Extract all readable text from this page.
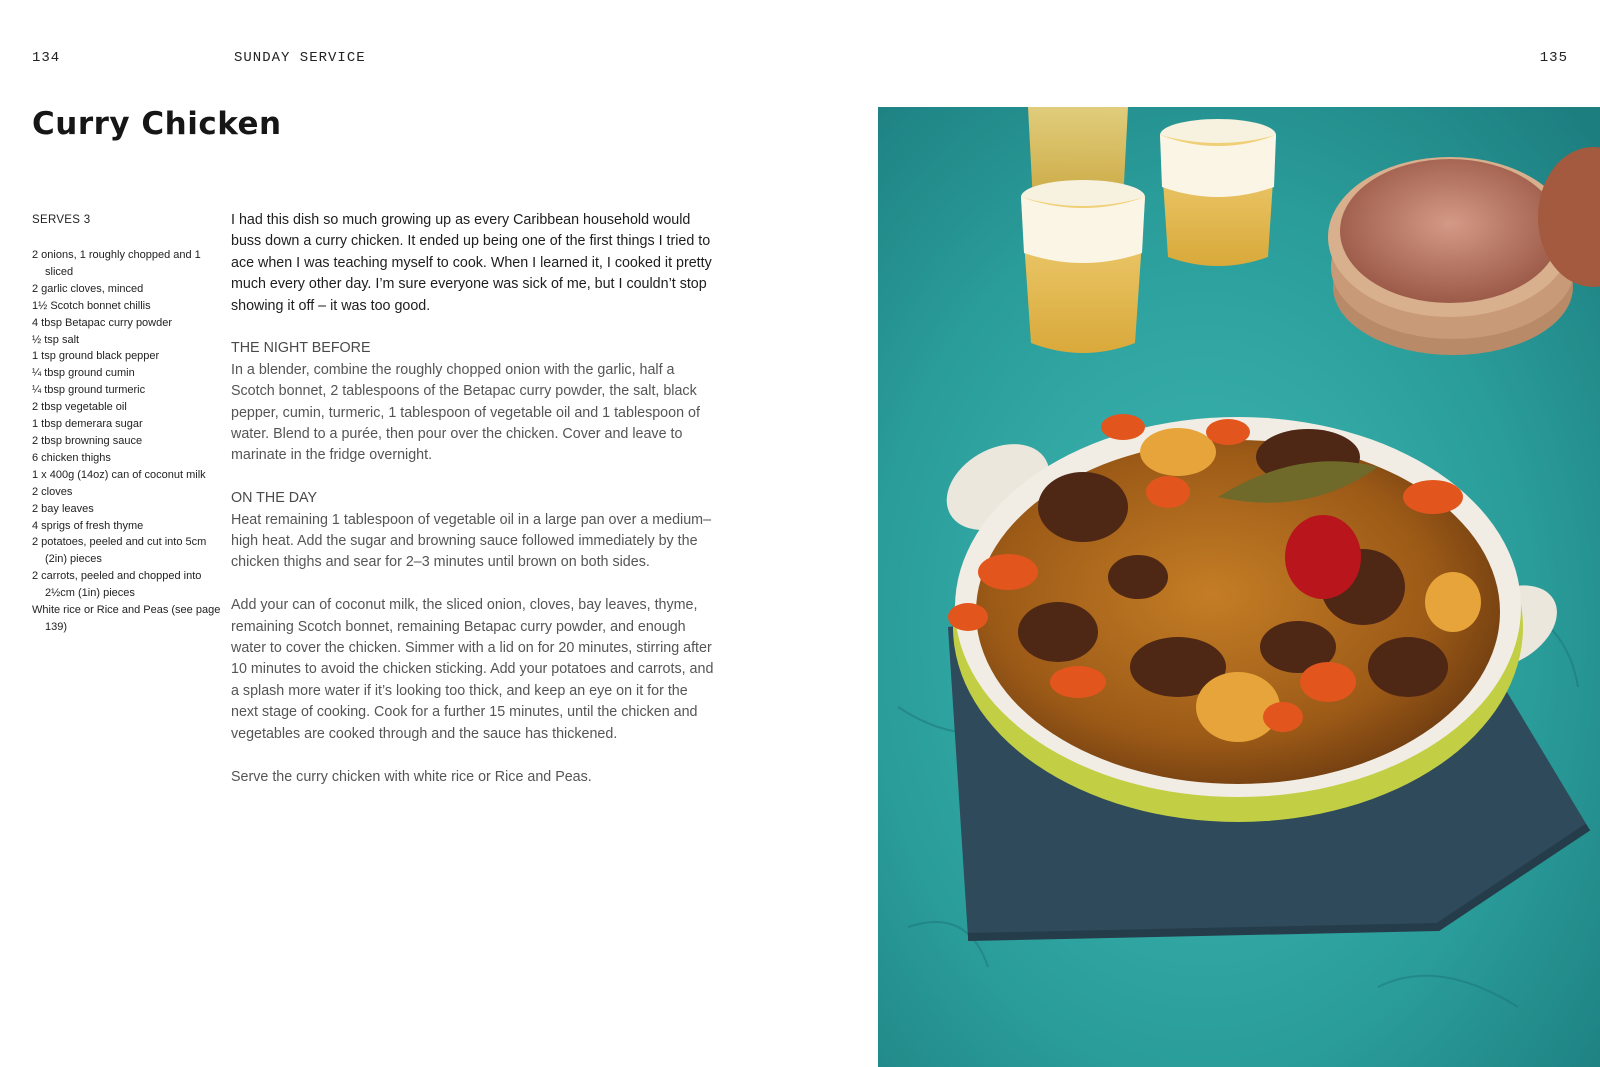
134	SUNDAY SERVICE	135
Curry Chicken
SERVES 3
2 onions, 1 roughly chopped and 1 sliced
2 garlic cloves, minced
1½ Scotch bonnet chillis
4 tbsp Betapac curry powder
½ tsp salt
1 tsp ground black pepper
¼ tbsp ground cumin
¼ tbsp ground turmeric
2 tbsp vegetable oil
1 tbsp demerara sugar
2 tbsp browning sauce
6 chicken thighs
1 x 400g (14oz) can of coconut milk
2 cloves
2 bay leaves
4 sprigs of fresh thyme
2 potatoes, peeled and cut into 5cm (2in) pieces
2 carrots, peeled and chopped into 2½cm (1in) pieces
White rice or Rice and Peas (see page 139)

I had this dish so much growing up as every Caribbean household would buss down a curry chicken. It ended up being one of the first things I tried to ace when I was teaching myself to cook. When I learned it, I cooked it pretty much every other day. I’m sure everyone was sick of me, but I couldn’t stop showing it off – it was too good.

THE NIGHT BEFORE

In a blender, combine the roughly chopped onion with the garlic, half a Scotch bonnet, 2 tablespoons of the Betapac curry powder, the salt, black pepper, cumin, turmeric, 1 tablespoon of vegetable oil and 1 tablespoon of water. Blend to a purée, then pour over the chicken. Cover and leave to marinate in the fridge overnight.

ON THE DAY

Heat remaining 1 tablespoon of vegetable oil in a large pan over a medium–high heat. Add the sugar and browning sauce followed immediately by the chicken thighs and sear for 2–3 minutes until brown on both sides.

Add your can of coconut milk, the sliced onion, cloves, bay leaves, thyme, remaining Scotch bonnet, remaining Betapac curry powder, and enough water to cover the chicken. Simmer with a lid on for 20 minutes, stirring after 10 minutes to avoid the chicken sticking. Add your potatoes and carrots, and a splash more water if it’s looking too thick, and keep an eye on it for the next stage of cooking. Cook for a further 15 minutes, until the chicken and vegetables are cooked through and the sauce has thickened.

Serve the curry chicken with white rice or Rice and Peas.
